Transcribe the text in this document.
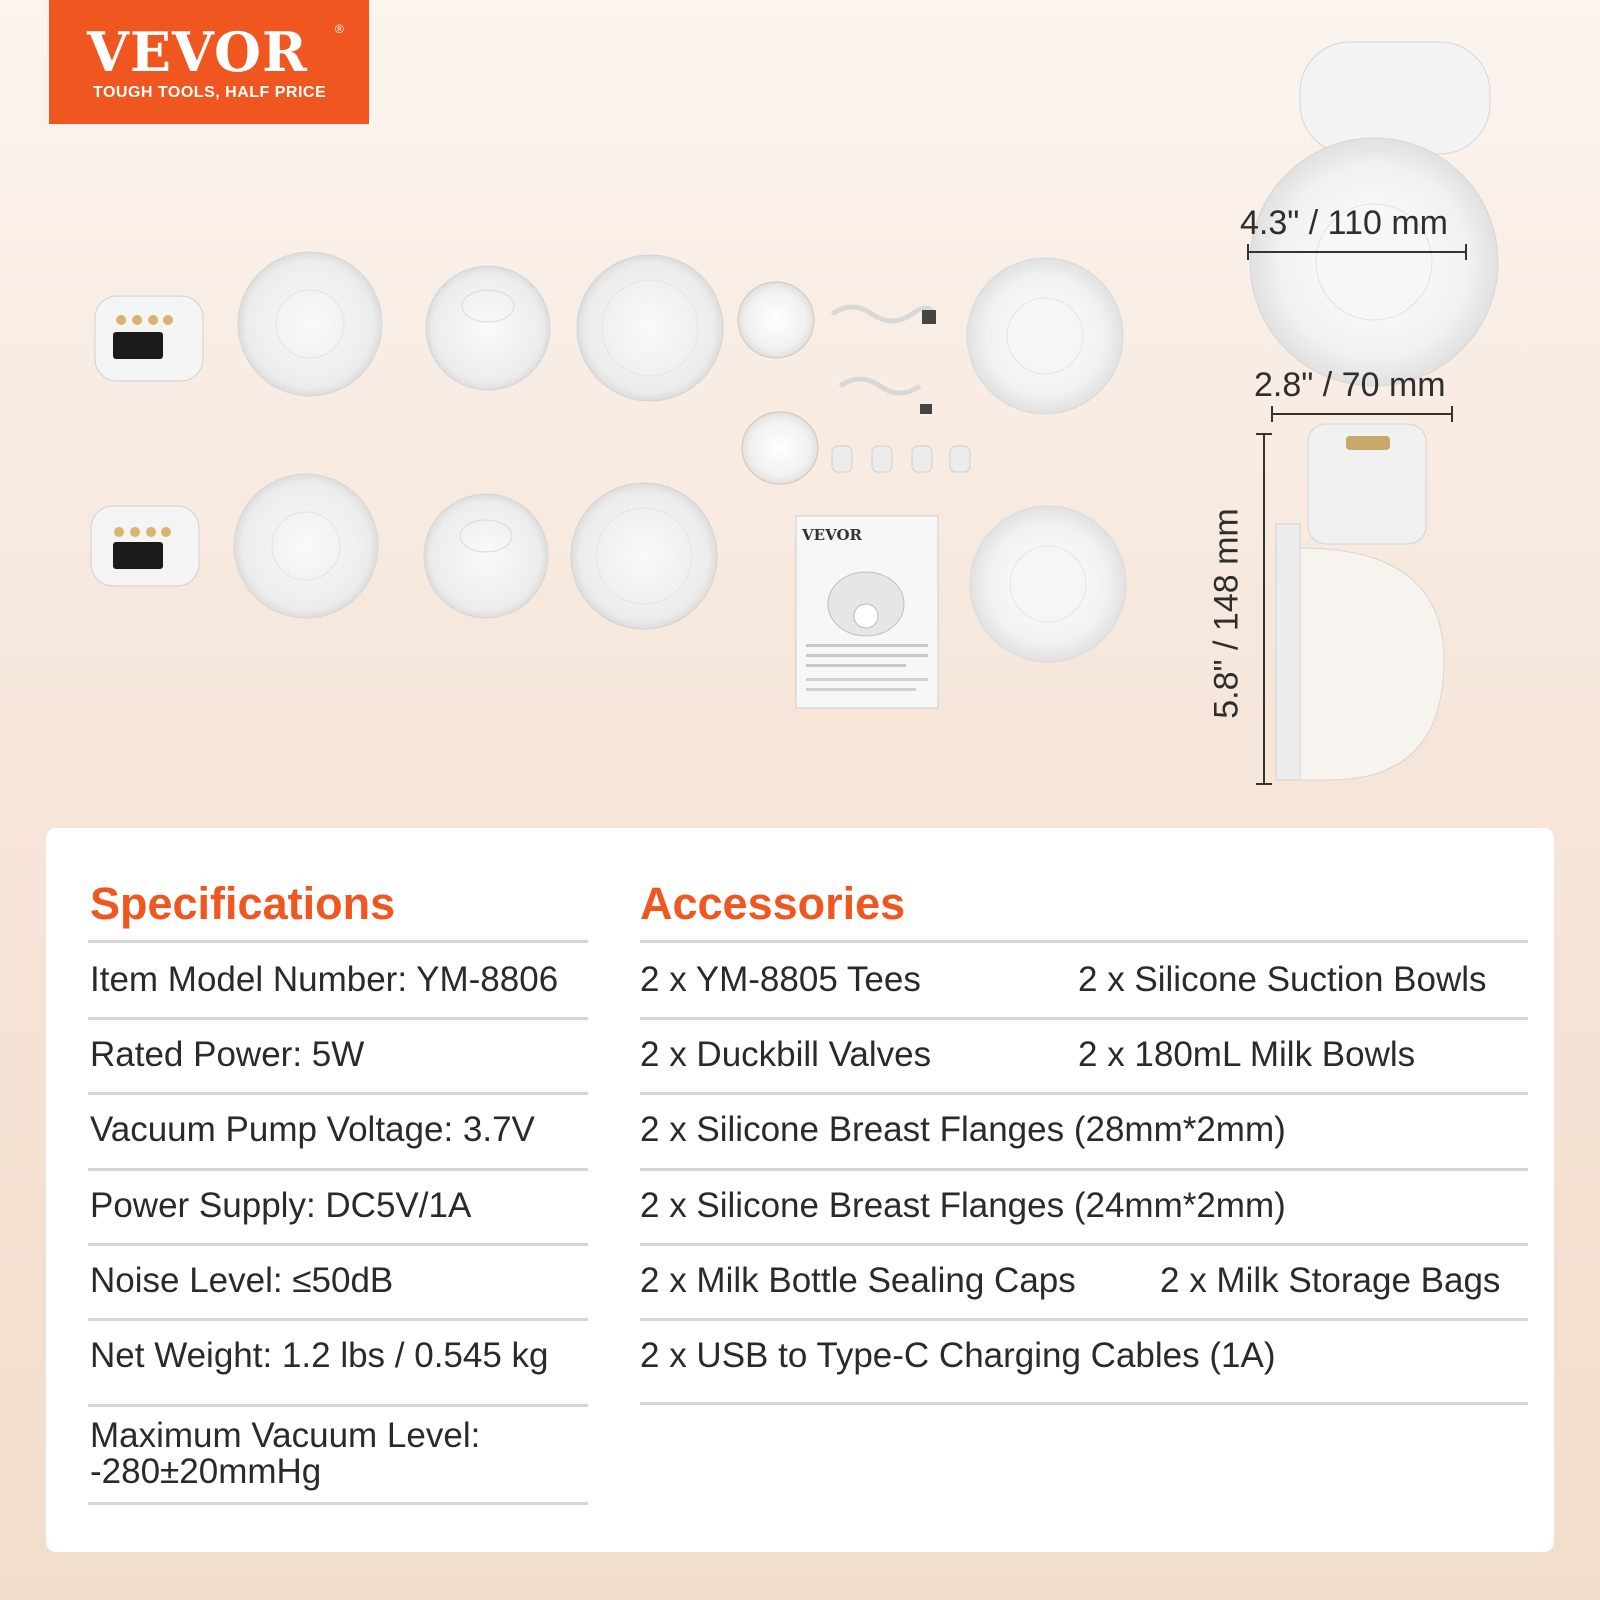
VEVOR
VEVOR ®
TOUGH TOOLS, HALF PRICE
4.3" / 110 mm
2.8" / 70 mm
5.8" / 148 mm
Specifications
Item Model Number: YM-8806
Rated Power: 5W
Vacuum Pump Voltage: 3.7V
Power Supply: DC5V/1A
Noise Level: ≤50dB
Net Weight: 1.2 lbs / 0.545 kg
Maximum Vacuum Level:
-280±20mmHg
Accessories
2 x YM-8805 Tees	2 x Silicone Suction Bowls
2 x Duckbill Valves	2 x 180mL Milk Bowls
2 x Silicone Breast Flanges (28mm*2mm)
2 x Silicone Breast Flanges (24mm*2mm)
2 x Milk Bottle Sealing Caps 2 x Milk Storage Bags
2 x USB to Type-C Charging Cables (1A)
